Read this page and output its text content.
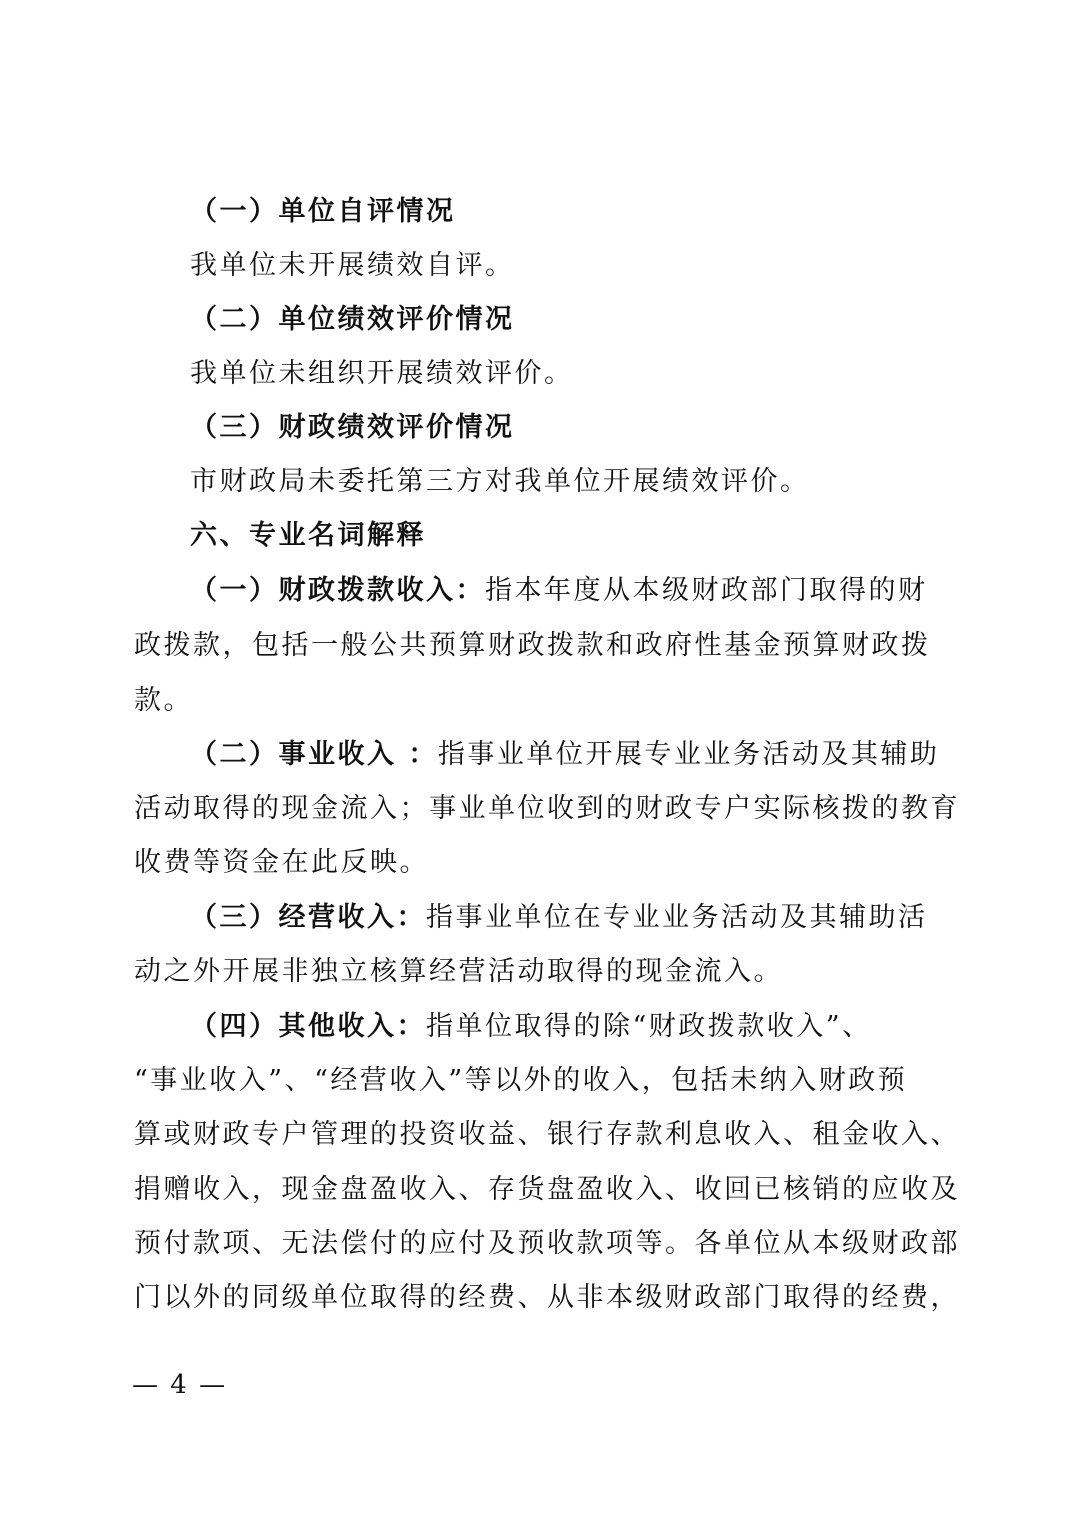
（一）单位自评情况
我单位未开展绩效自评。
（二）单位绩效评价情况
我单位未组织开展绩效评价。
（三）财政绩效评价情况
市财政局未委托第三方对我单位开展绩效评价。
六、专业名词解释
（一）财政拨款收入：指本年度从本级财政部门取得的财
政拨款，包括一般公共预算财政拨款和政府性基金预算财政拨
款。
（二）事业收入 ：指事业单位开展专业业务活动及其辅助
活动取得的现金流入；事业单位收到的财政专户实际核拨的教育
收费等资金在此反映。
（三）经营收入：指事业单位在专业业务活动及其辅助活
动之外开展非独立核算经营活动取得的现金流入。
（四）其他收入：指单位取得的除“财政拨款收入”、
“事业收入”、“经营收入”等以外的收入，包括未纳入财政预
算或财政专户管理的投资收益、银行存款利息收入、租金收入、
捐赠收入，现金盘盈收入、存货盘盈收入、收回已核销的应收及
预付款项、无法偿付的应付及预收款项等。各单位从本级财政部
门以外的同级单位取得的经费、从非本级财政部门取得的经费，
— 4 —
